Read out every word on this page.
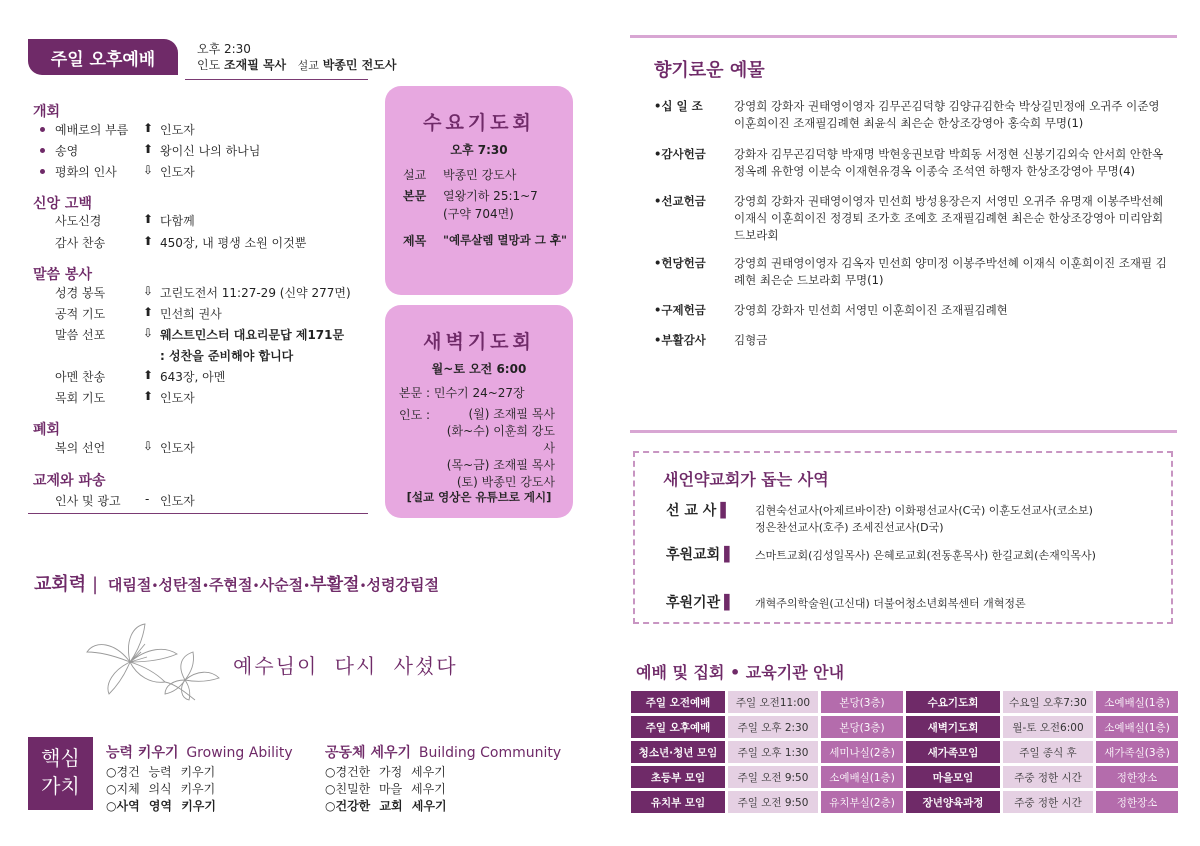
주일 오후예배
오후 2:30
인도 조재필 목사 설교 박종민 전도사
개회
예배로의 부름 ⬆ 인도자
송영	⬆ 왕이신 나의 하나님
평화의 인사 ⇩ 인도자
신앙 고백
사도신경	⬆ 다함께
감사 찬송	⬆ 450장, 내 평생 소원 이것뿐
말씀 봉사
성경 봉독	⇩ 고린도전서 11:27-29 (신약 277면)
공적 기도	⬆ 민선희 권사
말씀 선포	⇩ 웨스트민스터 대요리문답 제171문
: 성찬을 준비해야 합니다
아멘 찬송	⬆ 643장, 아멘
목회 기도	⬆ 인도자
폐회
복의 선언	⇩ 인도자
교제와 파송
인사 및 광고 - 인도자
수요기도회
오후 7:30
설교 박종민 강도사
본문 열왕기하 25:1~7
(구약 704면)
제목 "예루살렘 멸망과 그 후"
새벽기도회
월~토 오전 6:00
본문 : 민수기 24~27장
인도 :	(월) 조재필 목사
(화~수) 이훈희 강도사
(목~금) 조재필 목사
(토) 박종민 강도사
[설교 영상은 유튜브로 게시]
교회력 | 대림절•성탄절•주현절•사순절•부활절•성령강림절
예수님이 다시 사셨다
핵심
가치
능력 키우기 Growing Ability
○경건 능력 키우기
○지체 의식 키우기
○사역 영역 키우기
공동체 세우기 Building Community
○경건한 가정 세우기
○친밀한 마을 세우기
○건강한 교회 세우기
향기로운 예물
•십 일 조	강영희 강화자 권태영이영자 김무곤김덕향 김양규김한숙 박상길민정애 오귀주 이준영 이훈희이진 조재필김례현 최윤식 최은순 한상조강영아 홍숙희 무명(1)
•감사헌금 강화자 김무곤김덕향 박재명 박현웅권보람 박희동 서정현 신봉기김외숙 안서희 안한옥 정옥례 유한영 이분숙 이재현유경옥 이종숙 조석연 하행자 한상조강영아 무명(4)
•선교헌금 강영희 강화자 권태영이영자 민선희 방성용장은지 서영민 오귀주 유명재 이봉주박선혜 이재식 이훈희이진 정경퇴 조가호 조예호 조재필김례현 최은순 한상조강영아 미리암회 드보라회
•헌당헌금 강영희 권태영이영자 김옥자 민선희 양미정 이봉주박선혜 이재식 이훈희이진 조재필 김례현 최은순 드보라회 무명(1)
•구제헌금 강영희 강화자 민선희 서영민 이훈희이진 조재필김례현
•부활감사 김형금
새언약교회가 돕는 사역
선 교 사 ▌ 김현숙선교사(아제르바이잔) 이화평선교사(C국) 이훈도선교사(코소보)
정은찬선교사(호주) 조세진선교사(D국)
후원교회 ▌ 스마트교회(김성일목사) 은혜로교회(전동훈목사) 한길교회(손재익목사)
후원기관 ▌ 개혁주의학술원(고신대) 더불어청소년회복센터 개혁정론
예배 및 집회 • 교육기관 안내
주일 오전예배	주일 오전11:00	본당(3층)	수요기도회	수요일 오후7:30	소예배실(1층)
주일 오후예배	주일 오후 2:30	본당(3층)	새벽기도회	월-토 오전6:00	소예배실(1층)
청소년·청년 모임	주일 오후 1:30	세미나실(2층)	새가족모임	주일 종식 후	새가족실(3층)
초등부 모임	주일 오전 9:50	소예배실(1층)	마을모임	주중 정한 시간	정한장소
유치부 모임	주일 오전 9:50	유치부실(2층)	장년양육과정	주중 정한 시간	정한장소
